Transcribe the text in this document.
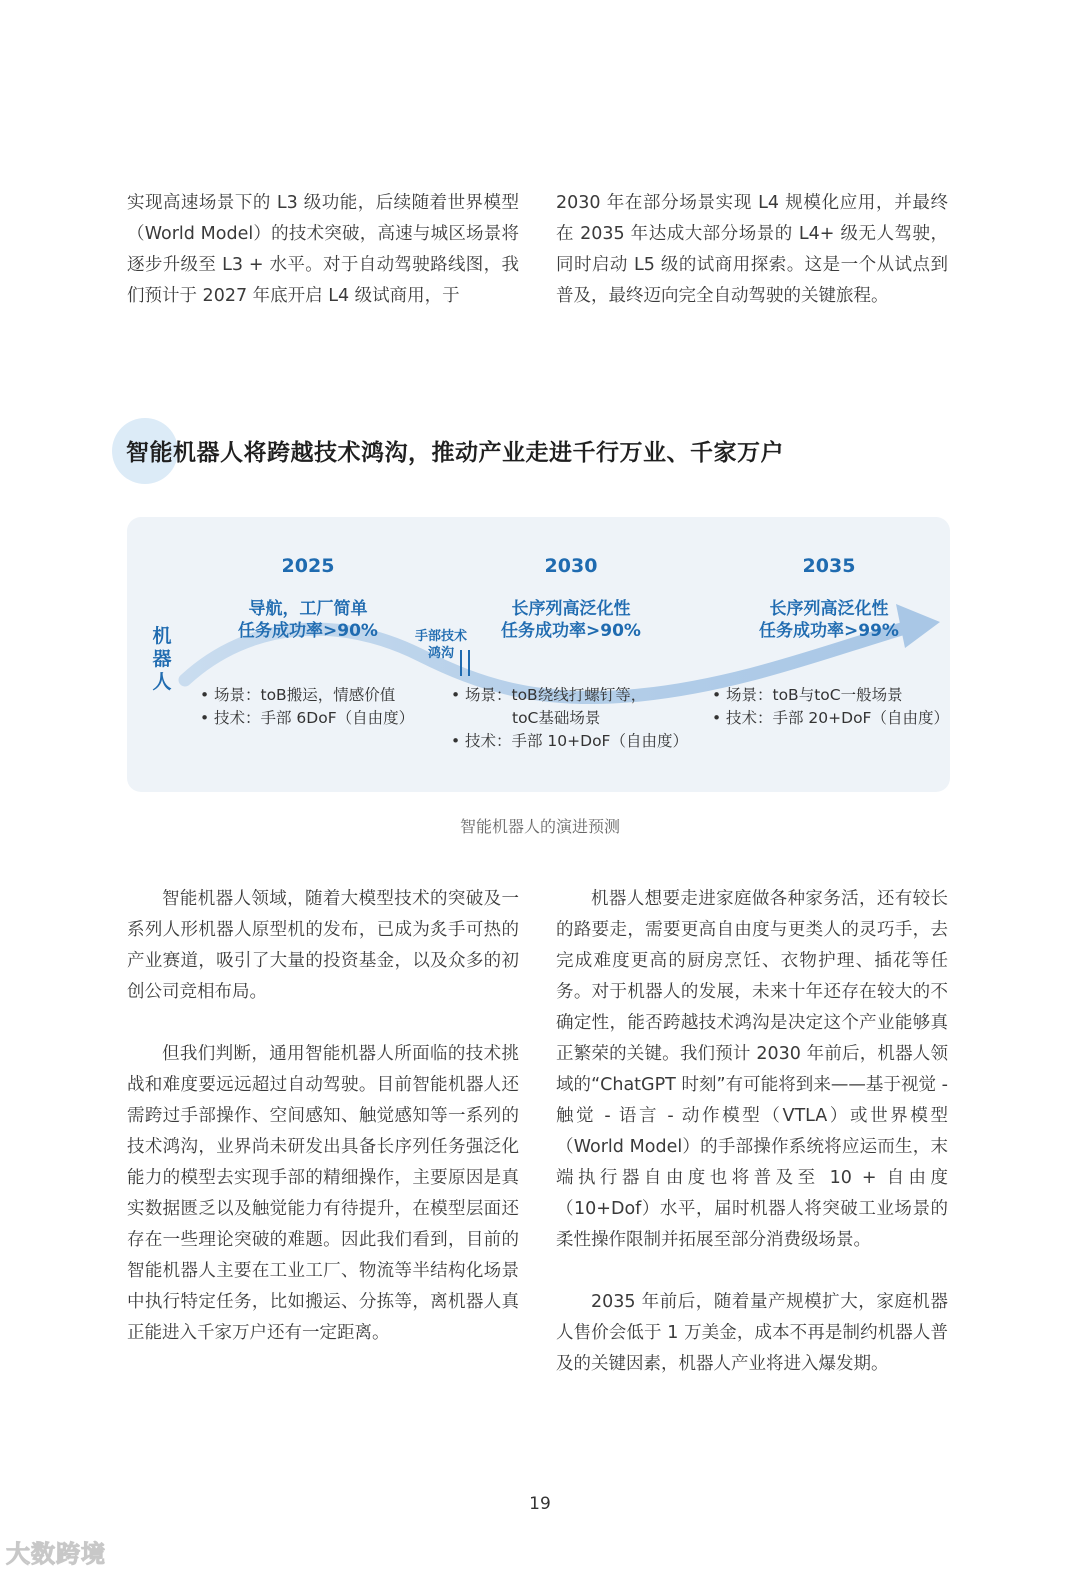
实现高速场景下的 L3 级功能，后续随着世界模型（World Model）的技术突破，高速与城区场景将逐步升级至 L3 + 水平。对于自动驾驶路线图，我们预计于 2027 年底开启 L4 级试商用，于

2030 年在部分场景实现 L4 规模化应用，并最终在 2035 年达成大部分场景的 L4+ 级无人驾驶，同时启动 L5 级的试商用探索。这是一个从试点到普及，最终迈向完全自动驾驶的关键旅程。

智能机器人将跨越技术鸿沟，推动产业走进千行万业、千家万户
机器人
2025
导航，工厂简单
任务成功率>90%
• 场景：toB搬运，情感价值
• 技术：手部 6DoF（自由度）
手部技术
鸿沟
2030
长序列高泛化性
任务成功率>90%
• 场景：toB绕线打螺钉等，
toC基础场景
• 技术：手部 10+DoF（自由度）
2035
长序列高泛化性
任务成功率>99%
• 场景：toB与toC一般场景
• 技术：手部 20+DoF（自由度）
智能机器人的演进预测

智能机器人领域，随着大模型技术的突破及一系列人形机器人原型机的发布，已成为炙手可热的产业赛道，吸引了大量的投资基金，以及众多的初创公司竞相布局。

但我们判断，通用智能机器人所面临的技术挑战和难度要远远超过自动驾驶。目前智能机器人还需跨过手部操作、空间感知、触觉感知等一系列的技术鸿沟，业界尚未研发出具备长序列任务强泛化能力的模型去实现手部的精细操作，主要原因是真实数据匮乏以及触觉能力有待提升，在模型层面还存在一些理论突破的难题。因此我们看到，目前的智能机器人主要在工业工厂、物流等半结构化场景中执行特定任务，比如搬运、分拣等，离机器人真正能进入千家万户还有一定距离。

机器人想要走进家庭做各种家务活，还有较长的路要走，需要更高自由度与更类人的灵巧手，去完成难度更高的厨房烹饪、衣物护理、插花等任务。对于机器人的发展，未来十年还存在较大的不确定性，能否跨越技术鸿沟是决定这个产业能够真正繁荣的关键。我们预计 2030 年前后，机器人领域的“ChatGPT 时刻”有可能将到来——基于视觉 - 触觉 - 语言 - 动作模型（VTLA）或世界模型（World Model）的手部操作系统将应运而生，末端执行器自由度也将普及至 10 + 自由度（10+Dof）水平，届时机器人将突破工业场景的柔性操作限制并拓展至部分消费级场景。

2035 年前后，随着量产规模扩大，家庭机器人售价会低于 1 万美金，成本不再是制约机器人普及的关键因素，机器人产业将进入爆发期。

19
大数跨境
